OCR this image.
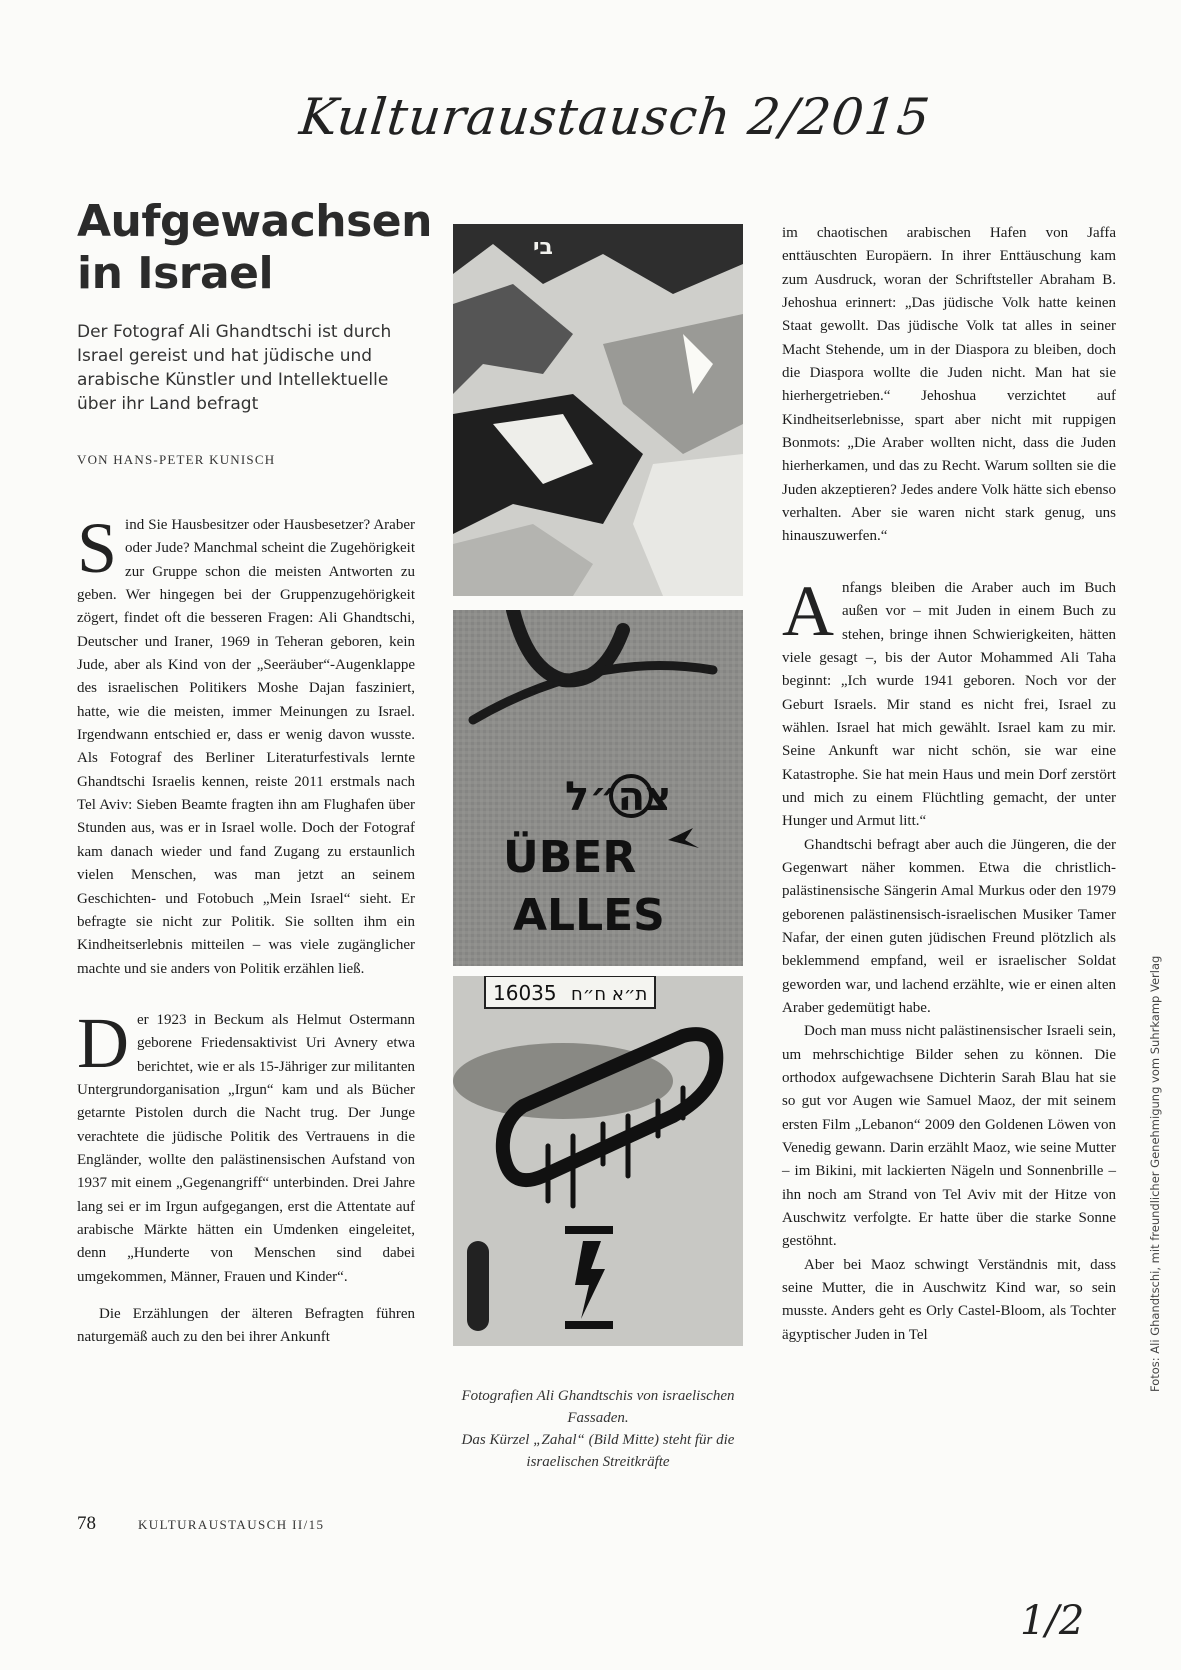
Kulturaustausch 2/2015
Aufgewachsen in Israel

Der Fotograf Ali Ghandtschi ist durch Israel gereist und hat jüdische und arabische Künstler und Intellektuelle über ihr Land befragt

VON HANS-PETER KUNISCH

Sind Sie Hausbesitzer oder Hausbesetzer? Araber oder Jude? Manchmal scheint die Zugehörigkeit zur Gruppe schon die meisten Antworten zu geben. Wer hingegen bei der Gruppenzugehörigkeit zögert, findet oft die besseren Fragen: Ali Ghandtschi, Deutscher und Iraner, 1969 in Teheran geboren, kein Jude, aber als Kind von der „Seeräuber“-Augenklappe des israelischen Politikers Moshe Dajan fasziniert, hatte, wie die meisten, immer Meinungen zu Israel. Irgendwann entschied er, dass er wenig davon wusste. Als Fotograf des Berliner Literaturfestivals lernte Ghandtschi Israelis kennen, reiste 2011 erstmals nach Tel Aviv: Sieben Beamte fragten ihn am Flughafen über Stunden aus, was er in Israel wolle. Doch der Fotograf kam danach wieder und fand Zugang zu erstaunlich vielen Menschen, was man jetzt an seinem Geschichten- und Fotobuch „Mein Israel“ sieht. Er befragte sie nicht zur Politik. Sie sollten ihm ein Kindheitserlebnis mitteilen – was viele zugänglicher machte und sie anders von Politik erzählen ließ.

Der 1923 in Beckum als Helmut Ostermann geborene Friedensaktivist Uri Avnery etwa berichtet, wie er als 15-Jähriger zur militanten Untergrundorganisation „Irgun“ kam und als Bücher getarnte Pistolen durch die Nacht trug. Der Junge verachtete die jüdische Politik des Vertrauens in die Engländer, wollte den palästinensischen Aufstand von 1937 mit einem „Gegenangriff“ unterbinden. Drei Jahre lang sei er im Irgun aufgegangen, erst die Attentate auf arabische Märkte hätten ein Umdenken eingeleitet, denn „Hunderte von Menschen sind dabei umgekommen, Männer, Frauen und Kinder“.

Die Erzählungen der älteren Befragten führen naturgemäß auch zu den bei ihrer Ankunft

בי
צה״ל
ÜBER
ALLES
16035 ת״א ח״ח

Fotografien Ali Ghandtschis von israelischen Fassaden.
Das Kürzel „Zahal“ (Bild Mitte) steht für die israelischen Streitkräfte

im chaotischen arabischen Hafen von Jaffa enttäuschten Europäern. In ihrer Enttäuschung kam zum Ausdruck, woran der Schriftsteller Abraham B. Jehoshua erinnert: „Das jüdische Volk hatte keinen Staat gewollt. Das jüdische Volk tat alles in seiner Macht Stehende, um in der Diaspora zu bleiben, doch die Diaspora wollte die Juden nicht. Man hat sie hierhergetrieben.“ Jehoshua verzichtet auf Kindheitserlebnisse, spart aber nicht mit ruppigen Bonmots: „Die Araber wollten nicht, dass die Juden hierherkamen, und das zu Recht. Warum sollten sie die Juden akzeptieren? Jedes andere Volk hätte sich ebenso verhalten. Aber sie waren nicht stark genug, uns hinauszuwerfen.“

Anfangs bleiben die Araber auch im Buch außen vor – mit Juden in einem Buch zu stehen, bringe ihnen Schwierigkeiten, hätten viele gesagt –, bis der Autor Mohammed Ali Taha beginnt: „Ich wurde 1941 geboren. Noch vor der Geburt Israels. Mir stand es nicht frei, Israel zu wählen. Israel hat mich gewählt. Israel kam zu mir. Seine Ankunft war nicht schön, sie war eine Katastrophe. Sie hat mein Haus und mein Dorf zerstört und mich zu einem Flüchtling gemacht, der unter Hunger und Armut litt.“

Ghandtschi befragt aber auch die Jüngeren, die der Gegenwart näher kommen. Etwa die christlich-palästinensische Sängerin Amal Murkus oder den 1979 geborenen palästinensisch-israelischen Musiker Tamer Nafar, der einen guten jüdischen Freund plötzlich als beklemmend empfand, weil er israelischer Soldat geworden war, und lachend erzählte, wie er einen alten Araber gedemütigt habe.

Doch man muss nicht palästinensischer Israeli sein, um mehrschichtige Bilder sehen zu können. Die orthodox aufgewachsene Dichterin Sarah Blau hat sie so gut vor Augen wie Samuel Maoz, der mit seinem ersten Film „Lebanon“ 2009 den Goldenen Löwen von Venedig gewann. Darin erzählt Maoz, wie seine Mutter – im Bikini, mit lackierten Nägeln und Sonnenbrille – ihn noch am Strand von Tel Aviv mit der Hitze von Auschwitz verfolgte. Er hatte über die starke Sonne gestöhnt.

Aber bei Maoz schwingt Verständnis mit, dass seine Mutter, die in Auschwitz Kind war, so sein musste. Anders geht es Orly Castel-Bloom, als Tochter ägyptischer Juden in Tel	Fotos: Ali Ghandtschi, mit freundlicher Genehmigung vom Suhrkamp Verlag
78	KULTURAUSTAUSCH II/15
1/2
